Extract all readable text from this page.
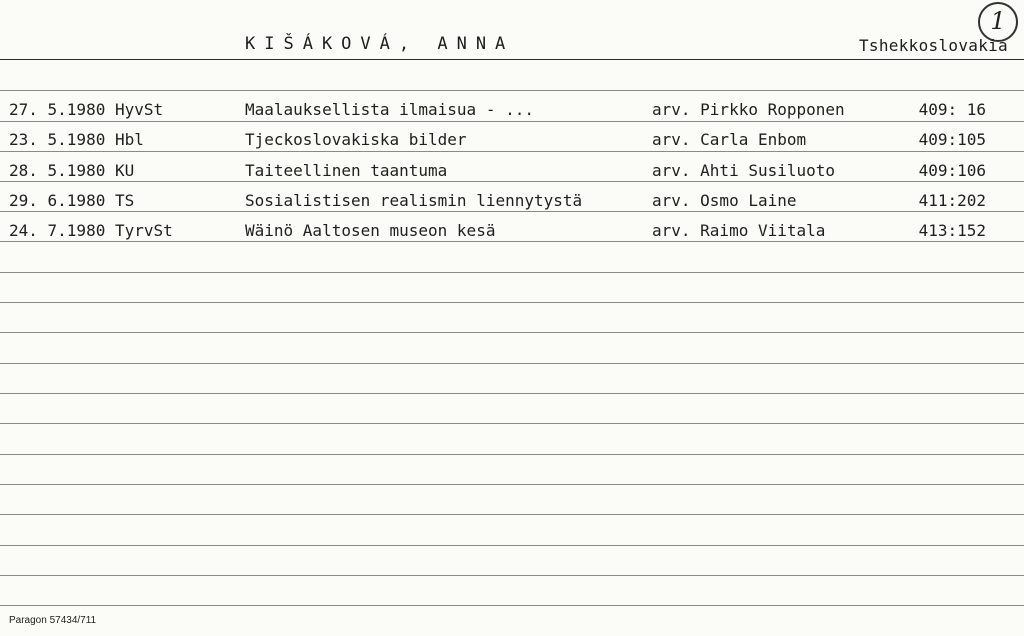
1
KIŠÁKOVÁ, ANNA	Tshekkoslovakia
27. 5.1980 HyvSt	Maalauksellista ilmaisua - ...	arv. Pirkko Ropponen	409: 16
23. 5.1980 Hbl	Tjeckoslovakiska bilder	arv. Carla Enbom	409:105
28. 5.1980 KU	Taiteellinen taantuma	arv. Ahti Susiluoto	409:106
29. 6.1980 TS	Sosialistisen realismin liennytystä	arv. Osmo Laine	411:202
24. 7.1980 TyrvSt	Wäinö Aaltosen museon kesä	arv. Raimo Viitala	413:152
Paragon 57434/711
